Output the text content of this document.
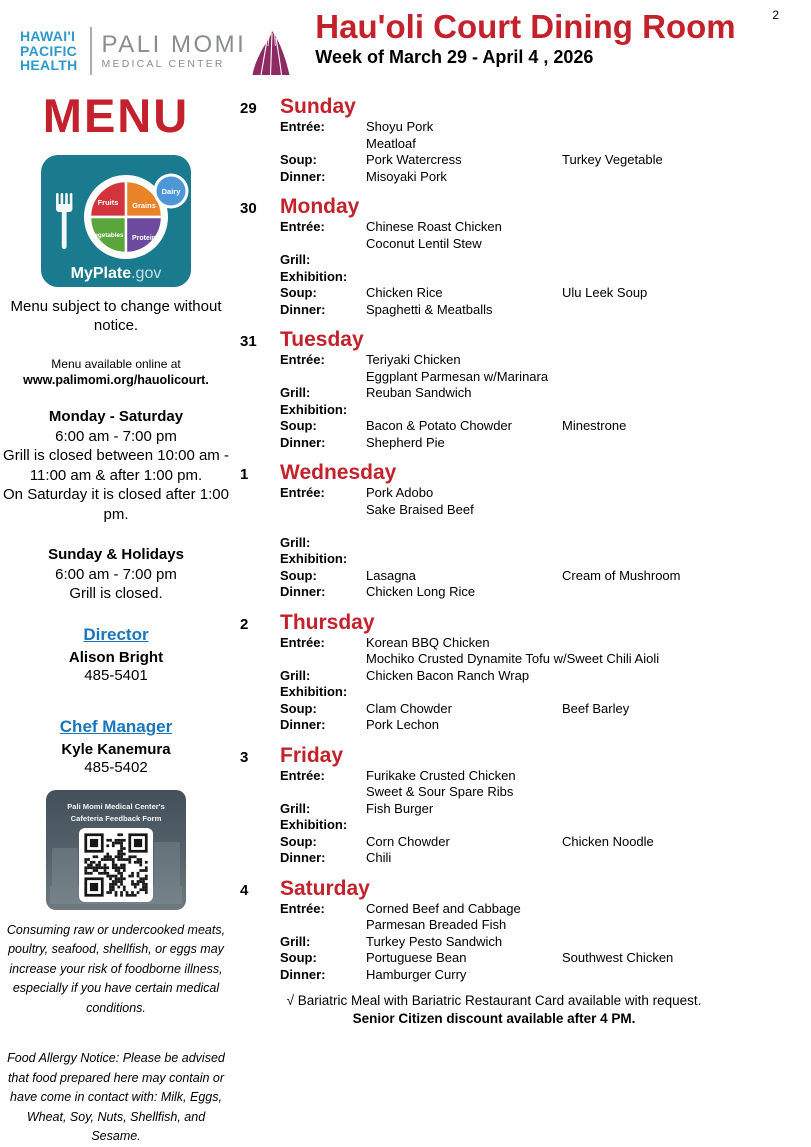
HAWAI'I
PACIFIC
HEALTH
PALI MOMI
MEDICAL CENTER
Hau'oli Court Dining Room
Week of March 29 - April 4 , 2026
2
MENU
Fruits Grains
Vegetables Protein
Dairy
MyPlate.gov
Menu subject to change without notice.
Menu available online at
www.palimomi.org/hauolicourt.
Monday - Saturday
6:00 am - 7:00 pm
Grill is closed between 10:00 am - 11:00 am & after 1:00 pm.
On Saturday it is closed after 1:00 pm.
Sunday & Holidays
6:00 am - 7:00 pm
Grill is closed.
Director
Alison Bright
485-5401
Chef Manager
Kyle Kanemura
485-5402
Pali Momi Medical Center's
Cafeteria Feedback Form
Consuming raw or undercooked meats, poultry, seafood, shellfish, or eggs may increase your risk of foodborne illness, especially if you have certain medical conditions.
Food Allergy Notice: Please be advised that food prepared here may contain or have come in contact with: Milk, Eggs, Wheat, Soy, Nuts, Shellfish, and Sesame.
29	Sunday
Entrée:	Shoyu Pork
Meatloaf
Soup:	Pork Watercress	Turkey Vegetable
Dinner:	Misoyaki Pork
30	Monday
Entrée:	Chinese Roast Chicken
Coconut Lentil Stew
Grill:
Exhibition:
Soup:	Chicken Rice	Ulu Leek Soup
Dinner:	Spaghetti & Meatballs
31	Tuesday
Entrée:	Teriyaki Chicken
Eggplant Parmesan w/Marinara
Grill:	Reuban Sandwich
Exhibition:
Soup:	Bacon & Potato Chowder	Minestrone
Dinner:	Shepherd Pie
1	Wednesday
Entrée:	Pork Adobo
Sake Braised Beef
Grill:
Exhibition:
Soup:	Lasagna	Cream of Mushroom
Dinner:	Chicken Long Rice
2	Thursday
Entrée:	Korean BBQ Chicken
Mochiko Crusted Dynamite Tofu w/Sweet Chili Aioli
Grill:	Chicken Bacon Ranch Wrap
Exhibition:
Soup:	Clam Chowder	Beef Barley
Dinner:	Pork Lechon
3	Friday
Entrée:	Furikake Crusted Chicken
Sweet & Sour Spare Ribs
Grill:	Fish Burger
Exhibition:
Soup:	Corn Chowder	Chicken Noodle
Dinner:	Chili
4	Saturday
Entrée:	Corned Beef and Cabbage
Parmesan Breaded Fish
Grill:	Turkey Pesto Sandwich
Soup:	Portuguese Bean	Southwest Chicken
Dinner:	Hamburger Curry
√ Bariatric Meal with Bariatric Restaurant Card available with request.
Senior Citizen discount available after 4 PM.
